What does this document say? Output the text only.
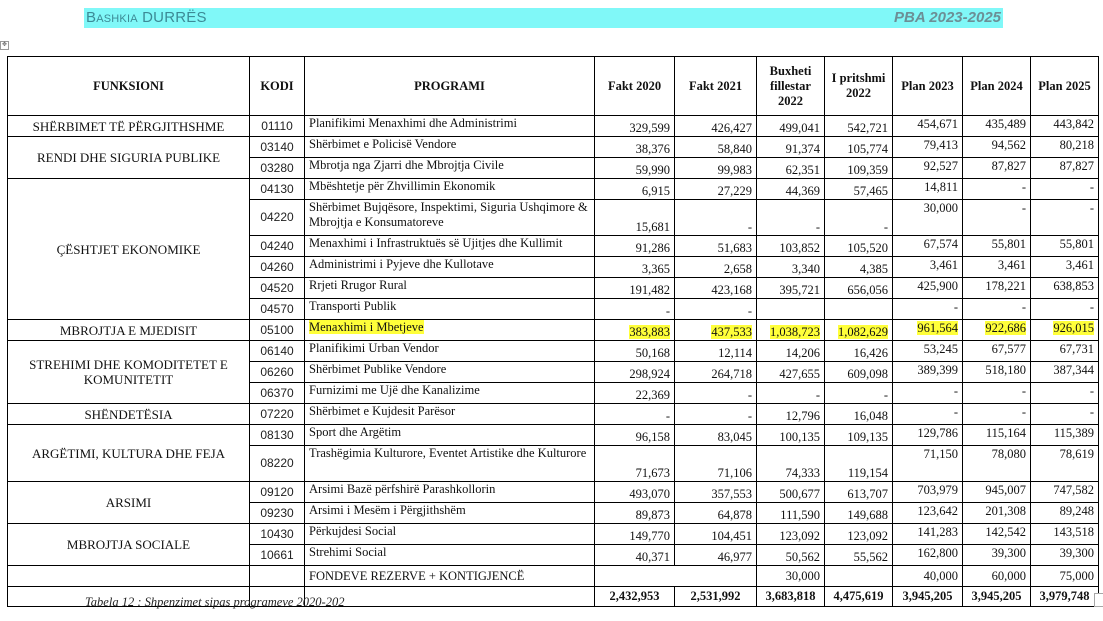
BASHKIA DURRËS	PBA 2023-2025
✥
FUNKSIONI	KODI	PROGRAMI	Fakt 2020	Fakt 2021	Buxheti fillestar 2022	I pritshmi 2022	Plan 2023	Plan 2024	Plan 2025
SHËRBIMET TË PËRGJITHSHME	01110	Planifikimi Menaxhimi dhe Administrimi	329,599	426,427	499,041	542,721	454,671	435,489	443,842
RENDI DHE SIGURIA PUBLIKE	03140	Shërbimet e Policisë Vendore	38,376	58,840	91,374	105,774	79,413	94,562	80,218
	03280	Mbrotja nga Zjarri dhe Mbrojtja Civile	59,990	99,983	62,351	109,359	92,527	87,827	87,827
ÇËSHTJET EKONOMIKE	04130	Mbështetje për Zhvillimin Ekonomik	6,915	27,229	44,369	57,465	14,811	-	-
	04220	Shërbimet Bujqësore, Inspektimi, Siguria Ushqimore & Mbrojtja e Konsumatoreve	15,681	-	-	-	30,000	-	-
	04240	Menaxhimi i Infrastruktuës së Ujitjes dhe Kullimit	91,286	51,683	103,852	105,520	67,574	55,801	55,801
	04260	Administrimi i Pyjeve dhe Kullotave	3,365	2,658	3,340	4,385	3,461	3,461	3,461
	04520	Rrjeti Rrugor Rural	191,482	423,168	395,721	656,056	425,900	178,221	638,853
	04570	Transporti Publik	-	-			-	-	-
MBROJTJA E MJEDISIT	05100	Menaxhimi i Mbetjeve	383,883	437,533	1,038,723	1,082,629	961,564	922,686	926,015
STREHIMI DHE KOMODITETET E KOMUNITETIT	06140	Planifikimi Urban Vendor	50,168	12,114	14,206	16,426	53,245	67,577	67,731
	06260	Shërbimet Publike Vendore	298,924	264,718	427,655	609,098	389,399	518,180	387,344
	06370	Furnizimi me Ujë dhe Kanalizime	22,369	-	-	-	-	-	-
SHËNDETËSIA	07220	Shërbimet e Kujdesit Parësor	-	-	12,796	16,048	-	-	-
ARGËTIMI, KULTURA DHE FEJA	08130	Sport dhe Argëtim	96,158	83,045	100,135	109,135	129,786	115,164	115,389
	08220	Trashëgimia Kulturore, Eventet Artistike dhe Kulturore	71,673	71,106	74,333	119,154	71,150	78,080	78,619
ARSIMI	09120	Arsimi Bazë përfshirë Parashkollorin	493,070	357,553	500,677	613,707	703,979	945,007	747,582
	09230	Arsimi i Mesëm i Përgjithshëm	89,873	64,878	111,590	149,688	123,642	201,308	89,248
MBROJTJA SOCIALE	10430	Përkujdesi Social	149,770	104,451	123,092	123,092	141,283	142,542	143,518
	10661	Strehimi Social	40,371	46,977	50,562	55,562	162,800	39,300	39,300
		FONDEVE REZERVE + KONTIGJENCË			30,000		40,000	60,000	75,000
			2,432,953	2,531,992	3,683,818	4,475,619	3,945,205	3,945,205	3,979,748
Tabela 12 : Shpenzimet sipas programeve 2020-202
